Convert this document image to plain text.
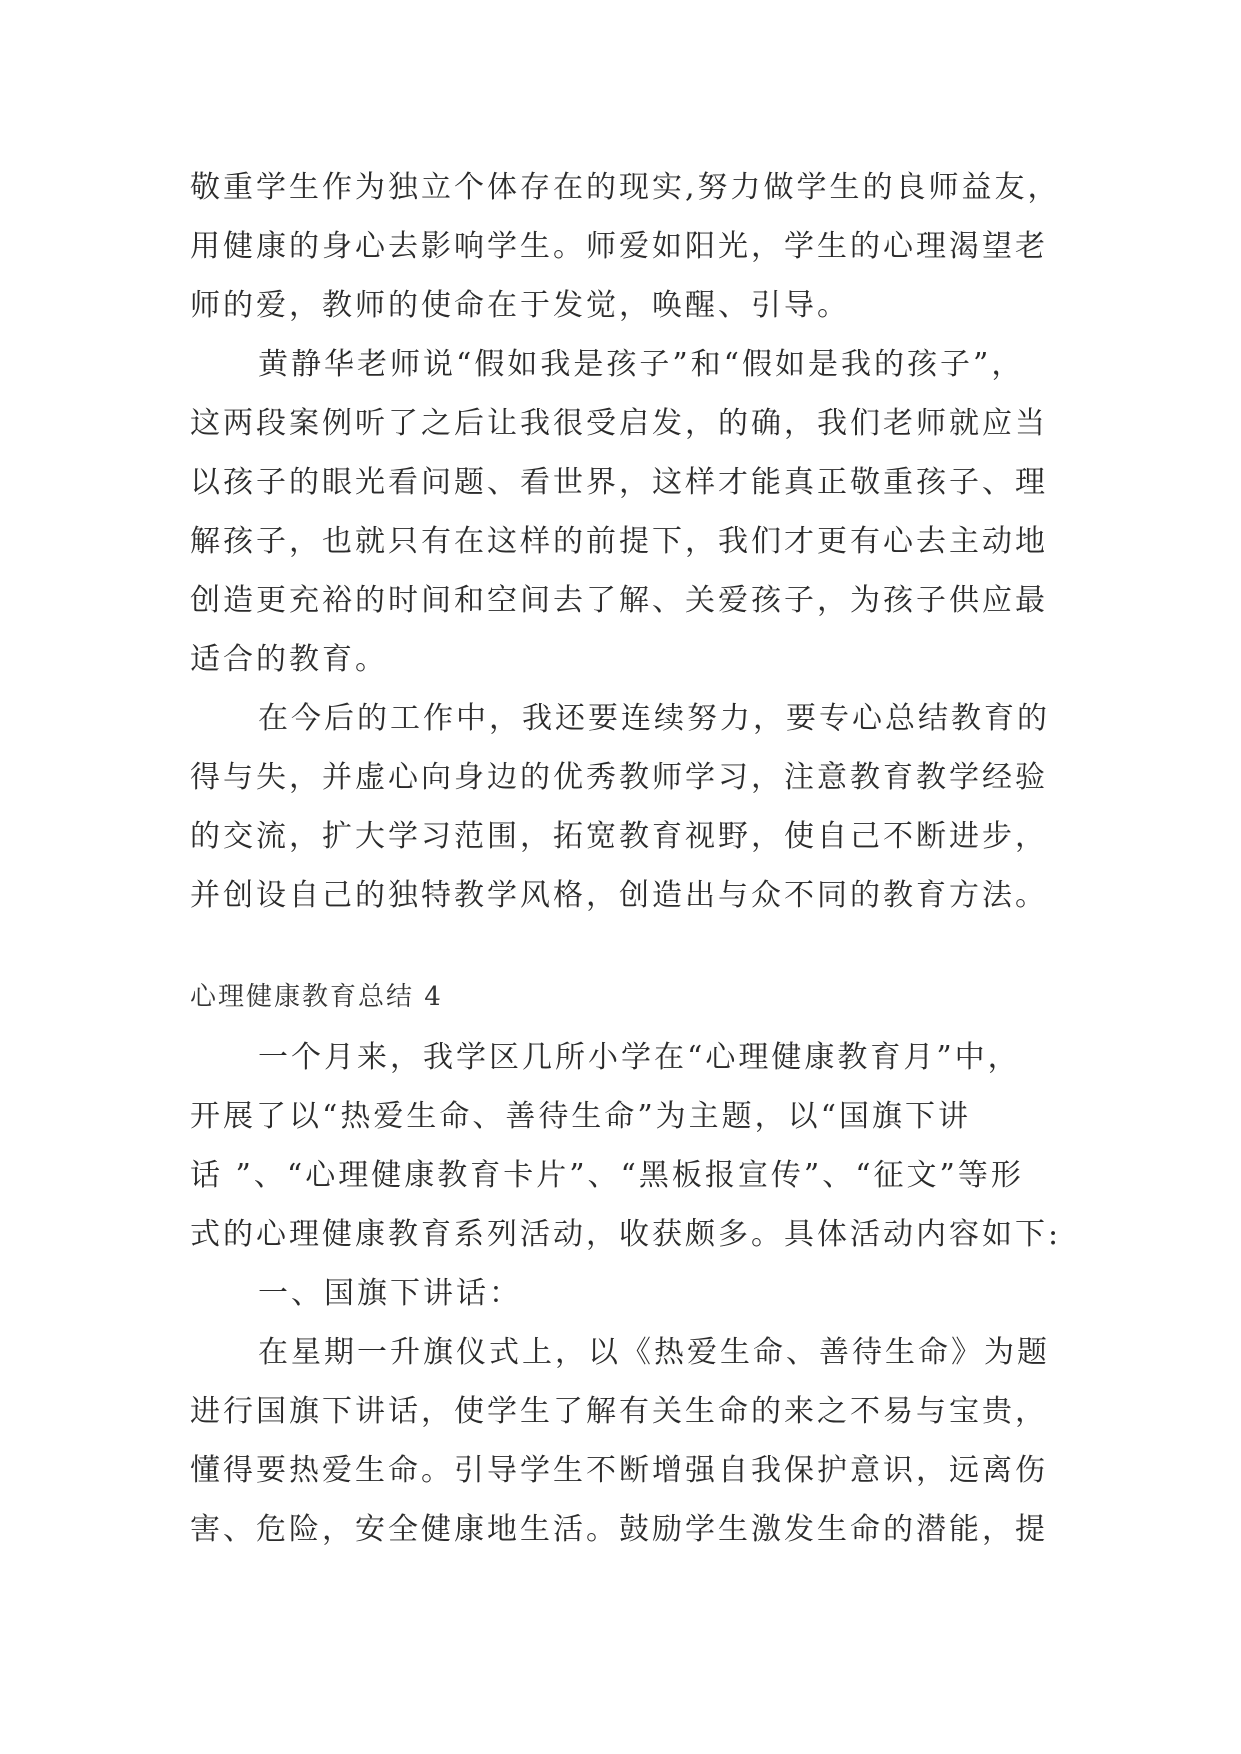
敬重学生作为独立个体存在的现实,努力做学生的良师益友，
用健康的身心去影响学生。师爱如阳光，学生的心理渴望老
师的爱，教师的使命在于发觉，唤醒、引导。
黄静华老师说“假如我是孩子”和“假如是我的孩子”，
这两段案例听了之后让我很受启发，的确，我们老师就应当
以孩子的眼光看问题、看世界，这样才能真正敬重孩子、理
解孩子，也就只有在这样的前提下，我们才更有心去主动地
创造更充裕的时间和空间去了解、关爱孩子，为孩子供应最
适合的教育。
在今后的工作中，我还要连续努力，要专心总结教育的
得与失，并虚心向身边的优秀教师学习，注意教育教学经验
的交流，扩大学习范围，拓宽教育视野，使自己不断进步，
并创设自己的独特教学风格，创造出与众不同的教育方法。
心理健康教育总结 4
一个月来，我学区几所小学在“心理健康教育月”中，
开展了以“热爱生命、善待生命”为主题，以“国旗下讲
话 ”、“心理健康教育卡片”、“黑板报宣传”、“征文”等形
式的心理健康教育系列活动，收获颇多。具体活动内容如下:
一、国旗下讲话：
在星期一升旗仪式上，以《热爱生命、善待生命》为题
进行国旗下讲话，使学生了解有关生命的来之不易与宝贵，
懂得要热爱生命。引导学生不断增强自我保护意识，远离伤
害、危险，安全健康地生活。鼓励学生激发生命的潜能，提
